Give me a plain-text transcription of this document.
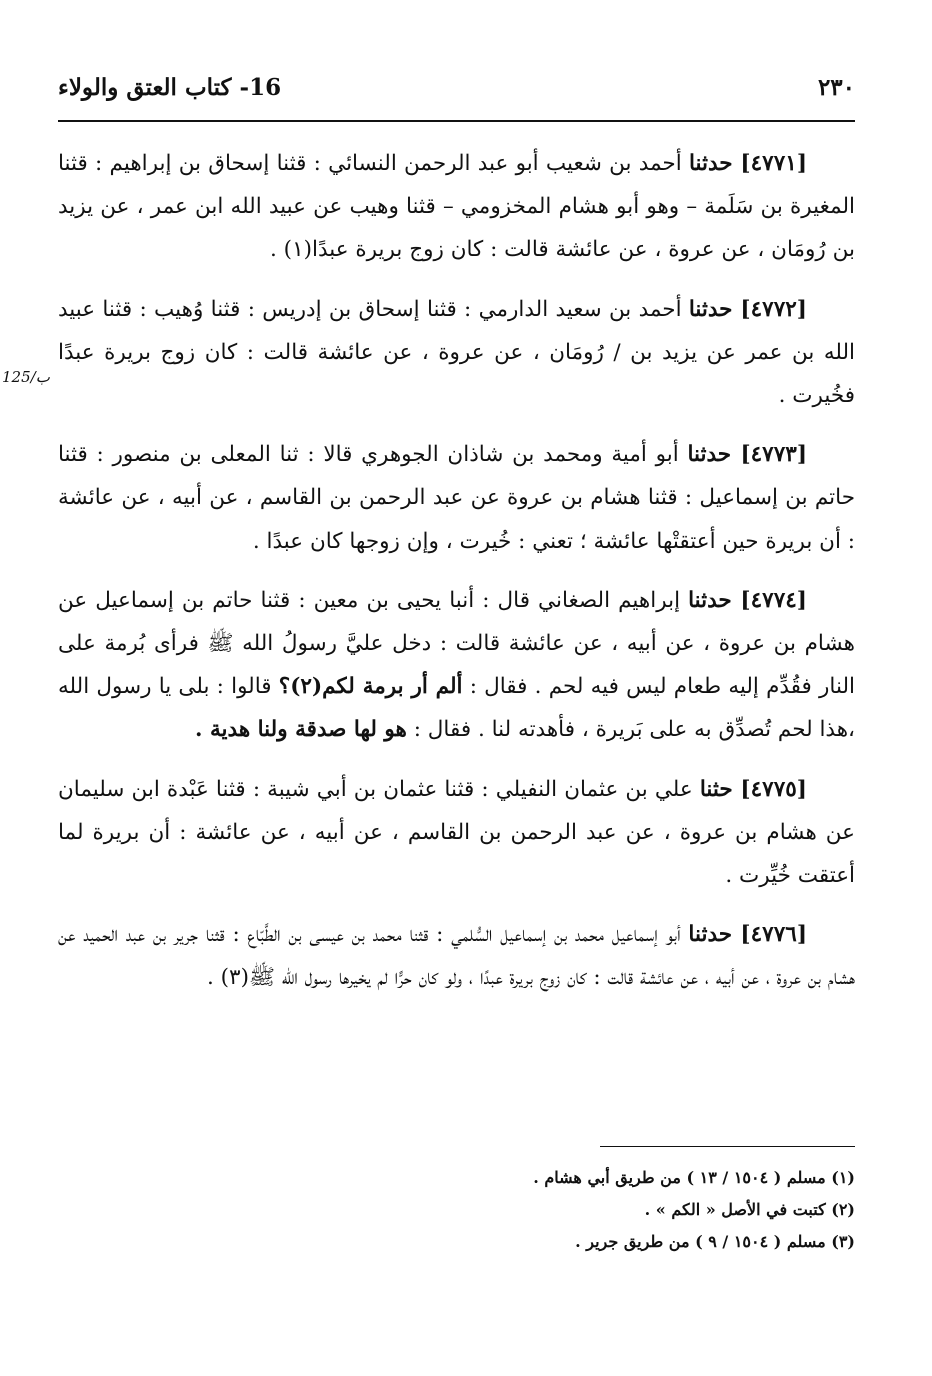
٢٣٠
16- كتاب العتق والولاء
125/ب

[٤٧٧١] حدثنا أحمد بن شعيب أبو عبد الرحمن النسائي : قثنا إسحاق بن إبراهيم : قثنا المغيرة بن سَلَمة – وهو أبو هشام المخزومي – قثنا وهيب عن عبيد الله ابن عمر ، عن يزيد بن رُومَان ، عن عروة ، عن عائشة قالت : كان زوج بريرة عبدًا(١) .

[٤٧٧٢] حدثنا أحمد بن سعيد الدارمي : قثنا إسحاق بن إدريس : قثنا وُهيب : قثنا عبيد الله بن عمر عن يزيد بن / رُومَان ، عن عروة ، عن عائشة قالت : كان زوج بريرة عبدًا فخُيرت .

[٤٧٧٣] حدثنا أبو أمية ومحمد بن شاذان الجوهري قالا : ثنا المعلى بن منصور : قثنا حاتم بن إسماعيل : قثنا هشام بن عروة عن عبد الرحمن بن القاسم ، عن أبيه ، عن عائشة : أن بريرة حين أعتقتْها عائشة ؛ تعني : خُيرت ، وإن زوجها كان عبدًا .

[٤٧٧٤] حدثنا إبراهيم الصغاني قال : أنبا يحيى بن معين : قثنا حاتم بن إسماعيل عن هشام بن عروة ، عن أبيه ، عن عائشة قالت : دخل عليَّ رسولُ الله ﷺ فرأى بُرمة على النار فقُدِّم إليه طعام ليس فيه لحم . فقال : ألم أر برمة لكم(٢)؟ قالوا : بلى يا رسول الله ،هذا لحم تُصدِّق به على بَريرة ، فأهدته لنا . فقال : هو لها صدقة ولنا هدية .

[٤٧٧٥] حثنا علي بن عثمان النفيلي : قثنا عثمان بن أبي شيبة : قثنا عَبْدة ابن سليمان عن هشام بن عروة ، عن عبد الرحمن بن القاسم ، عن أبيه ، عن عائشة : أن بريرة لما أعتقت خُيِّرت .

[٤٧٧٦] حدثنا أبو إسماعيل محمد بن إسماعيل السُّلمي : قثنا محمد بن عيسى بن الطَّبّاع : قثنا جرير بن عبد الحميد عن هشام بن عروة ، عن أبيه ، عن عائشة قالت : كان زوج بريرة عبدًا ، ولو كان حرًّا لم يخيرها رسول الله ﷺ(٣) .

(١) مسلم ( ١٥٠٤ / ١٣ ) من طريق أبي هشام .

(٢) كتبت في الأصل « الكم » .

(٣) مسلم ( ١٥٠٤ / ٩ ) من طريق جرير .
